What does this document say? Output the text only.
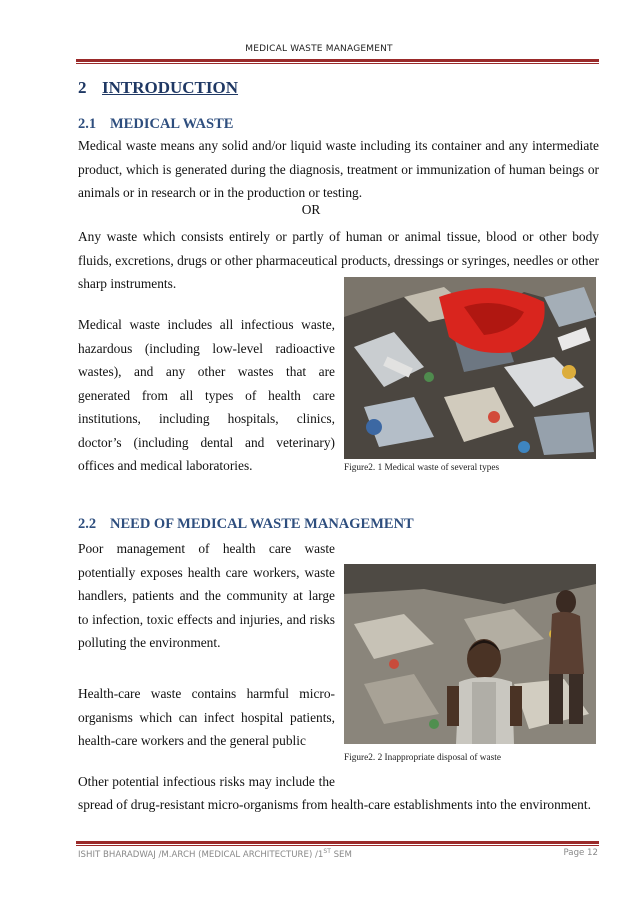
MEDICAL WASTE MANAGEMENT
2 INTRODUCTION
2.1 MEDICAL WASTE
Medical waste means any solid and/or liquid waste including its container and any intermediate product, which is generated during the diagnosis, treatment or immunization of human beings or animals or in research or in the production or testing.
OR
Any waste which consists entirely or partly of human or animal tissue, blood or other body fluids, excretions, drugs or other pharmaceutical products, dressings or syringes, needles or other sharp instruments.
Medical waste includes all infectious waste, hazardous (including low-level radioactive wastes), and any other wastes that are generated from all types of health care institutions, including hospitals, clinics, doctor’s (including dental and veterinary) offices and medical laboratories.	Figure2. 1 Medical waste of several types
2.2 NEED OF MEDICAL WASTE MANAGEMENT
Poor management of health care waste potentially exposes health care workers, waste handlers, patients and the community at large to infection, toxic effects and injuries, and risks polluting the environment.
Health-care waste contains harmful micro-organisms which can infect hospital patients, health-care workers and the general public
Figure2. 2 Inappropriate disposal of waste
Other potential infectious risks may include the
spread of drug-resistant micro-organisms from health-care establishments into the environment.
ISHIT BHARADWAJ /M.ARCH (MEDICAL ARCHITECTURE) /1ST SEM	Page 12
